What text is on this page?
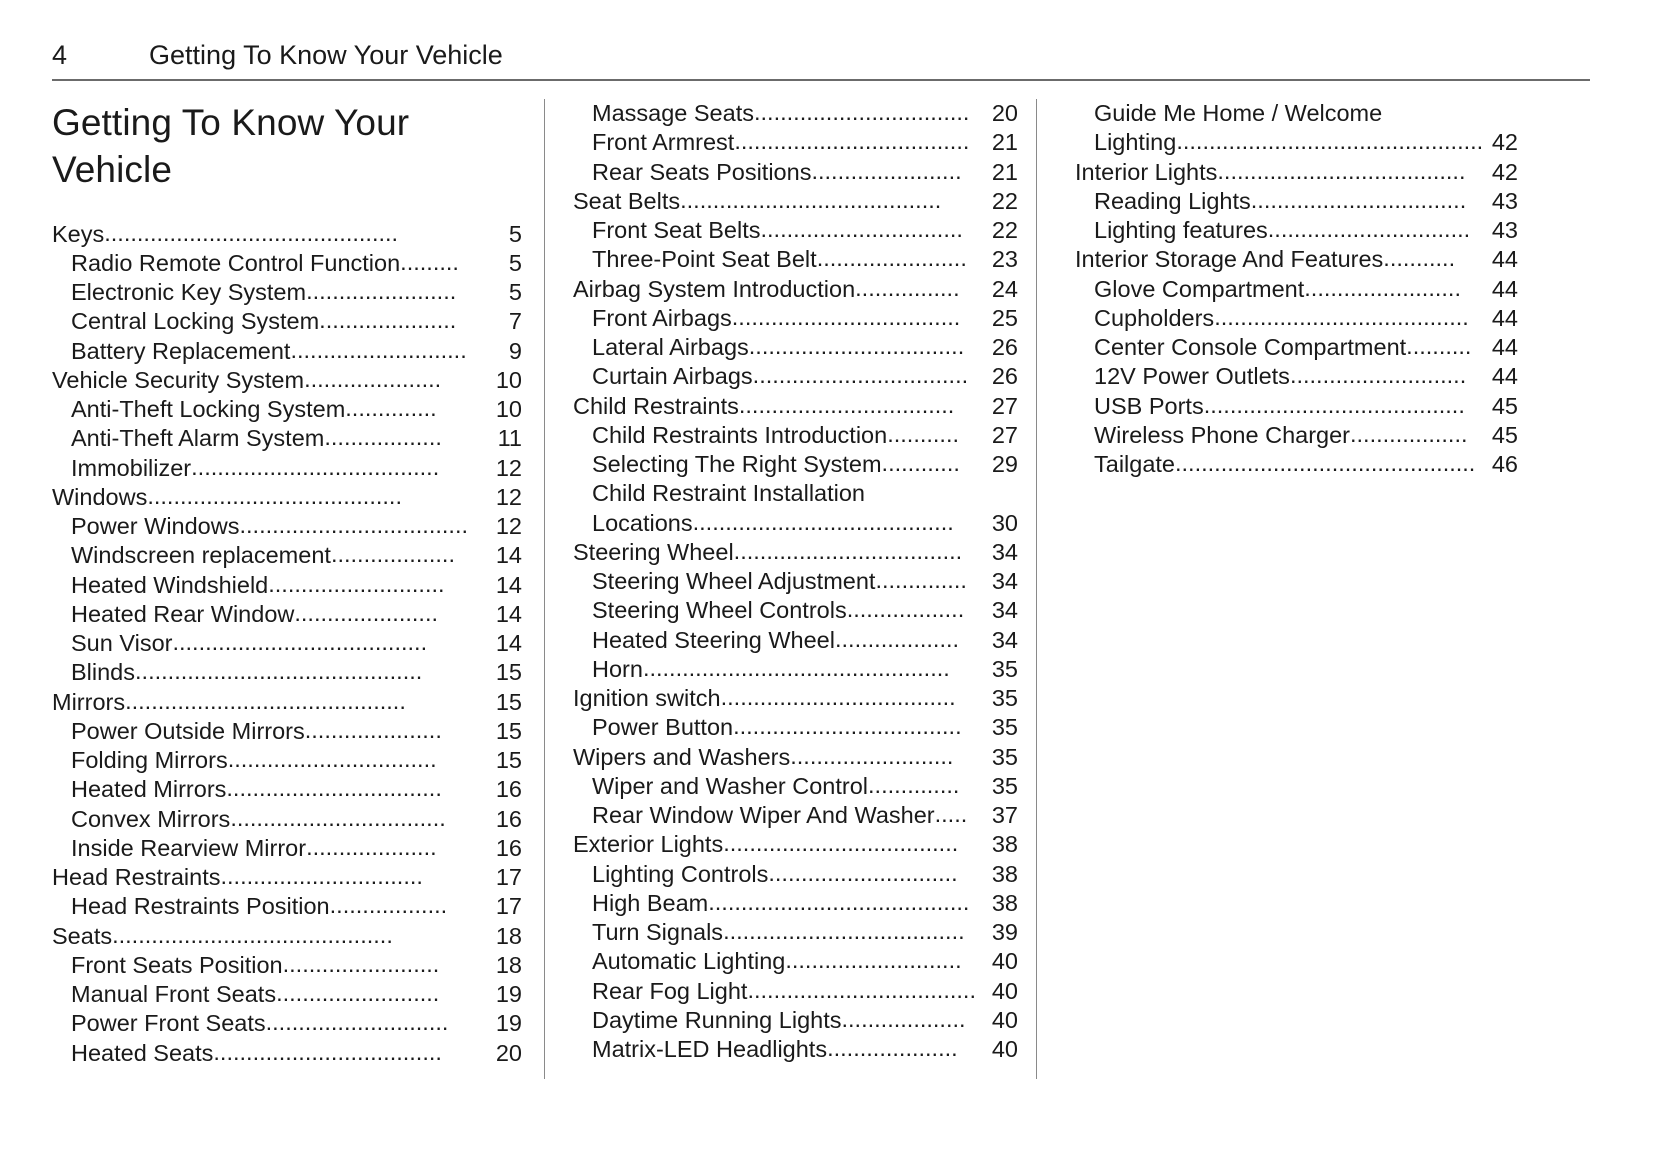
4	Getting To Know Your Vehicle
Getting To Know Your Vehicle
Keys .............................................	5
Radio Remote Control Function .........	5
Electronic Key System .......................	5
Central Locking System .....................	7
Battery Replacement ...........................	9
Vehicle Security System .....................	10
Anti-Theft Locking System ..............	10
Anti-Theft Alarm System ..................	11
Immobilizer ......................................	12
Windows .......................................	12
Power Windows ...................................	12
Windscreen replacement ...................	14
Heated Windshield ...........................	14
Heated Rear Window ......................	14
Sun Visor .......................................	14
Blinds ............................................	15
Mirrors ...........................................	15
Power Outside Mirrors .....................	15
Folding Mirrors ................................	15
Heated Mirrors .................................	16
Convex Mirrors .................................	16
Inside Rearview Mirror ....................	16
Head Restraints ...............................	17
Head Restraints Position ..................	17
Seats ...........................................	18
Front Seats Position ........................	18
Manual Front Seats .........................	19
Power Front Seats ............................	19
Heated Seats ...................................	20
Massage Seats ................................. 20
Front Armrest .................................... 21
Rear Seats Positions .......................	21
Seat Belts ........................................	22
Front Seat Belts ...............................	22
Three-Point Seat Belt .......................	23
Airbag System Introduction ................	24
Front Airbags ...................................	25
Lateral Airbags .................................	26
Curtain Airbags .................................	26
Child Restraints .................................	27
Child Restraints Introduction ...........	27
Selecting The Right System ............	29
Child Restraint Installation
Locations ........................................	30
Steering Wheel ...................................	34
Steering Wheel Adjustment ..............	34
Steering Wheel Controls ..................	34
Heated Steering Wheel ...................	34
Horn ...............................................	35
Ignition switch ....................................	35
Power Button ...................................	35
Wipers and Washers .........................	35
Wiper and Washer Control ..............	35
Rear Window Wiper And Washer .....	37
Exterior Lights ....................................	38
Lighting Controls .............................	38
High Beam ........................................ 38
Turn Signals .....................................	39
Automatic Lighting ...........................	40
Rear Fog Light ................................... 40
Daytime Running Lights ...................	40
Matrix-LED Headlights ....................	40
Guide Me Home / Welcome
Lighting ............................................... 42
Interior Lights ......................................	42
Reading Lights .................................	43
Lighting features ............................... 43
Interior Storage And Features ...........	44
Glove Compartment ........................	44
Cupholders ....................................... 44
Center Console Compartment .......... 44
12V Power Outlets ...........................	44
USB Ports ........................................	45
Wireless Phone Charger ..................	45
Tailgate .............................................. 46
